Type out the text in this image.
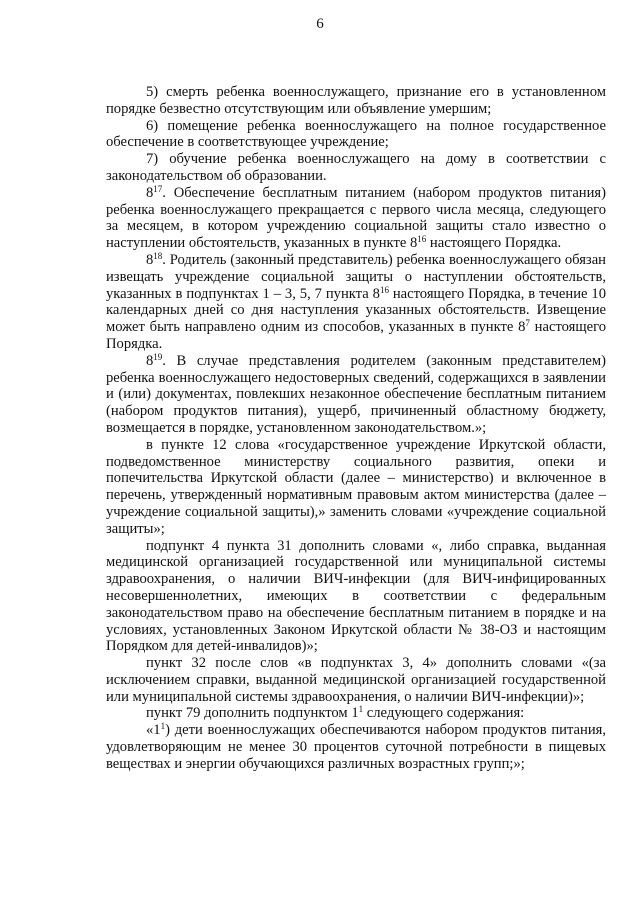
6

5) смерть ребенка военнослужащего, признание его в установленном порядке безвестно отсутствующим или объявление умершим;

6) помещение ребенка военнослужащего на полное государственное обеспечение в соответствующее учреждение;

7) обучение ребенка военнослужащего на дому в соответствии с законодательством об образовании.

$8^{17}$. Обеспечение бесплатным питанием (набором продуктов питания) ребенка военнослужащего прекращается с первого числа месяца, следующего за месяцем, в котором учреждению социальной защиты стало известно о наступлении обстоятельств, указанных в пункте $8^{16}$ настоящего Порядка.

$8^{18}$. Родитель (законный представитель) ребенка военнослужащего обязан извещать учреждение социальной защиты о наступлении обстоятельств, указанных в подпунктах 1 – 3, 5, 7 пункта $8^{16}$ настоящего Порядка, в течение 10 календарных дней со дня наступления указанных обстоятельств. Извещение может быть направлено одним из способов, указанных в пункте $8^7$ настоящего Порядка.

$8^{19}$. В случае представления родителем (законным представителем) ребенка военнослужащего недостоверных сведений, содержащихся в заявлении и (или) документах, повлекших незаконное обеспечение бесплатным питанием (набором продуктов питания), ущерб, причиненный областному бюджету, возмещается в порядке, установленном законодательством.»;

в пункте 12 слова «государственное учреждение Иркутской области, подведомственное министерству социального развития, опеки и попечительства Иркутской области (далее – министерство) и включенное в перечень, утвержденный нормативным правовым актом министерства (далее – учреждение социальной защиты),» заменить словами «учреждение социальной защиты»;

подпункт 4 пункта 31 дополнить словами «, либо справка, выданная медицинской организацией государственной или муниципальной системы здравоохранения, о наличии ВИЧ-инфекции (для ВИЧ-инфицированных несовершеннолетних, имеющих в соответствии с федеральным законодательством право на обеспечение бесплатным питанием в порядке и на условиях, установленных Законом Иркутской области № 38-ОЗ и настоящим Порядком для детей-инвалидов)»;

пункт 32 после слов «в подпунктах 3, 4» дополнить словами «(за исключением справки, выданной медицинской организацией государственной или муниципальной системы здравоохранения, о наличии ВИЧ-инфекции)»;

пункт 79 дополнить подпунктом $1^1$ следующего содержания:

«$1^1$) дети военнослужащих обеспечиваются набором продуктов питания, удовлетворяющим не менее 30 процентов суточной потребности в пищевых веществах и энергии обучающихся различных возрастных групп;»;
